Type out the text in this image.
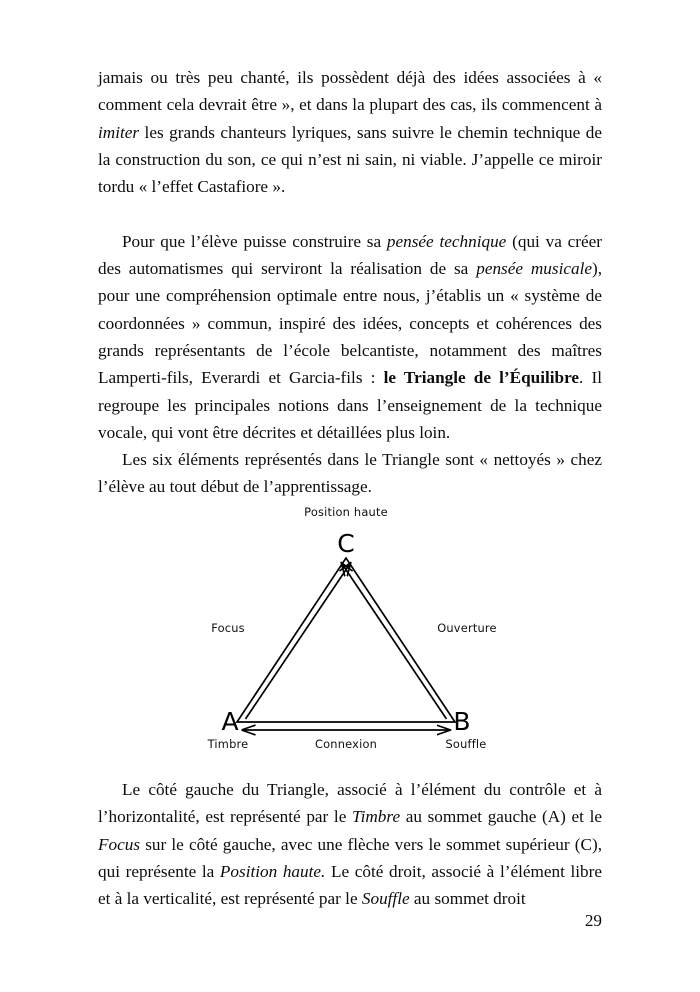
jamais ou très peu chanté, ils possèdent déjà des idées associées à « comment cela devrait être », et dans la plupart des cas, ils commencent à imiter les grands chanteurs lyriques, sans suivre le chemin technique de la construction du son, ce qui n’est ni sain, ni viable. J’appelle ce miroir tordu « l’effet Castafiore ».

Pour que l’élève puisse construire sa pensée technique (qui va créer des automatismes qui serviront la réalisation de sa pensée musicale), pour une compréhension optimale entre nous, j’établis un « système de coordonnées » commun, inspiré des idées, concepts et cohérences des grands représentants de l’école belcantiste, notamment des maîtres Lamperti-fils, Everardi et Garcia-fils : le Triangle de l’Équilibre. Il regroupe les principales notions dans l’enseignement de la technique vocale, qui vont être décrites et détaillées plus loin.

Les six éléments représentés dans le Triangle sont « nettoyés » chez l’élève au tout début de l’apprentissage.

Position haute
C
A	B
Focus	Ouverture
Connexion
Timbre	Souffle

Le côté gauche du Triangle, associé à l’élément du contrôle et à l’horizontalité, est représenté par le Timbre au sommet gauche (A) et le Focus sur le côté gauche, avec une flèche vers le sommet supérieur (C), qui représente la Position haute. Le côté droit, associé à l’élément libre et à la verticalité, est représenté par le Souffle au sommet droit

29
